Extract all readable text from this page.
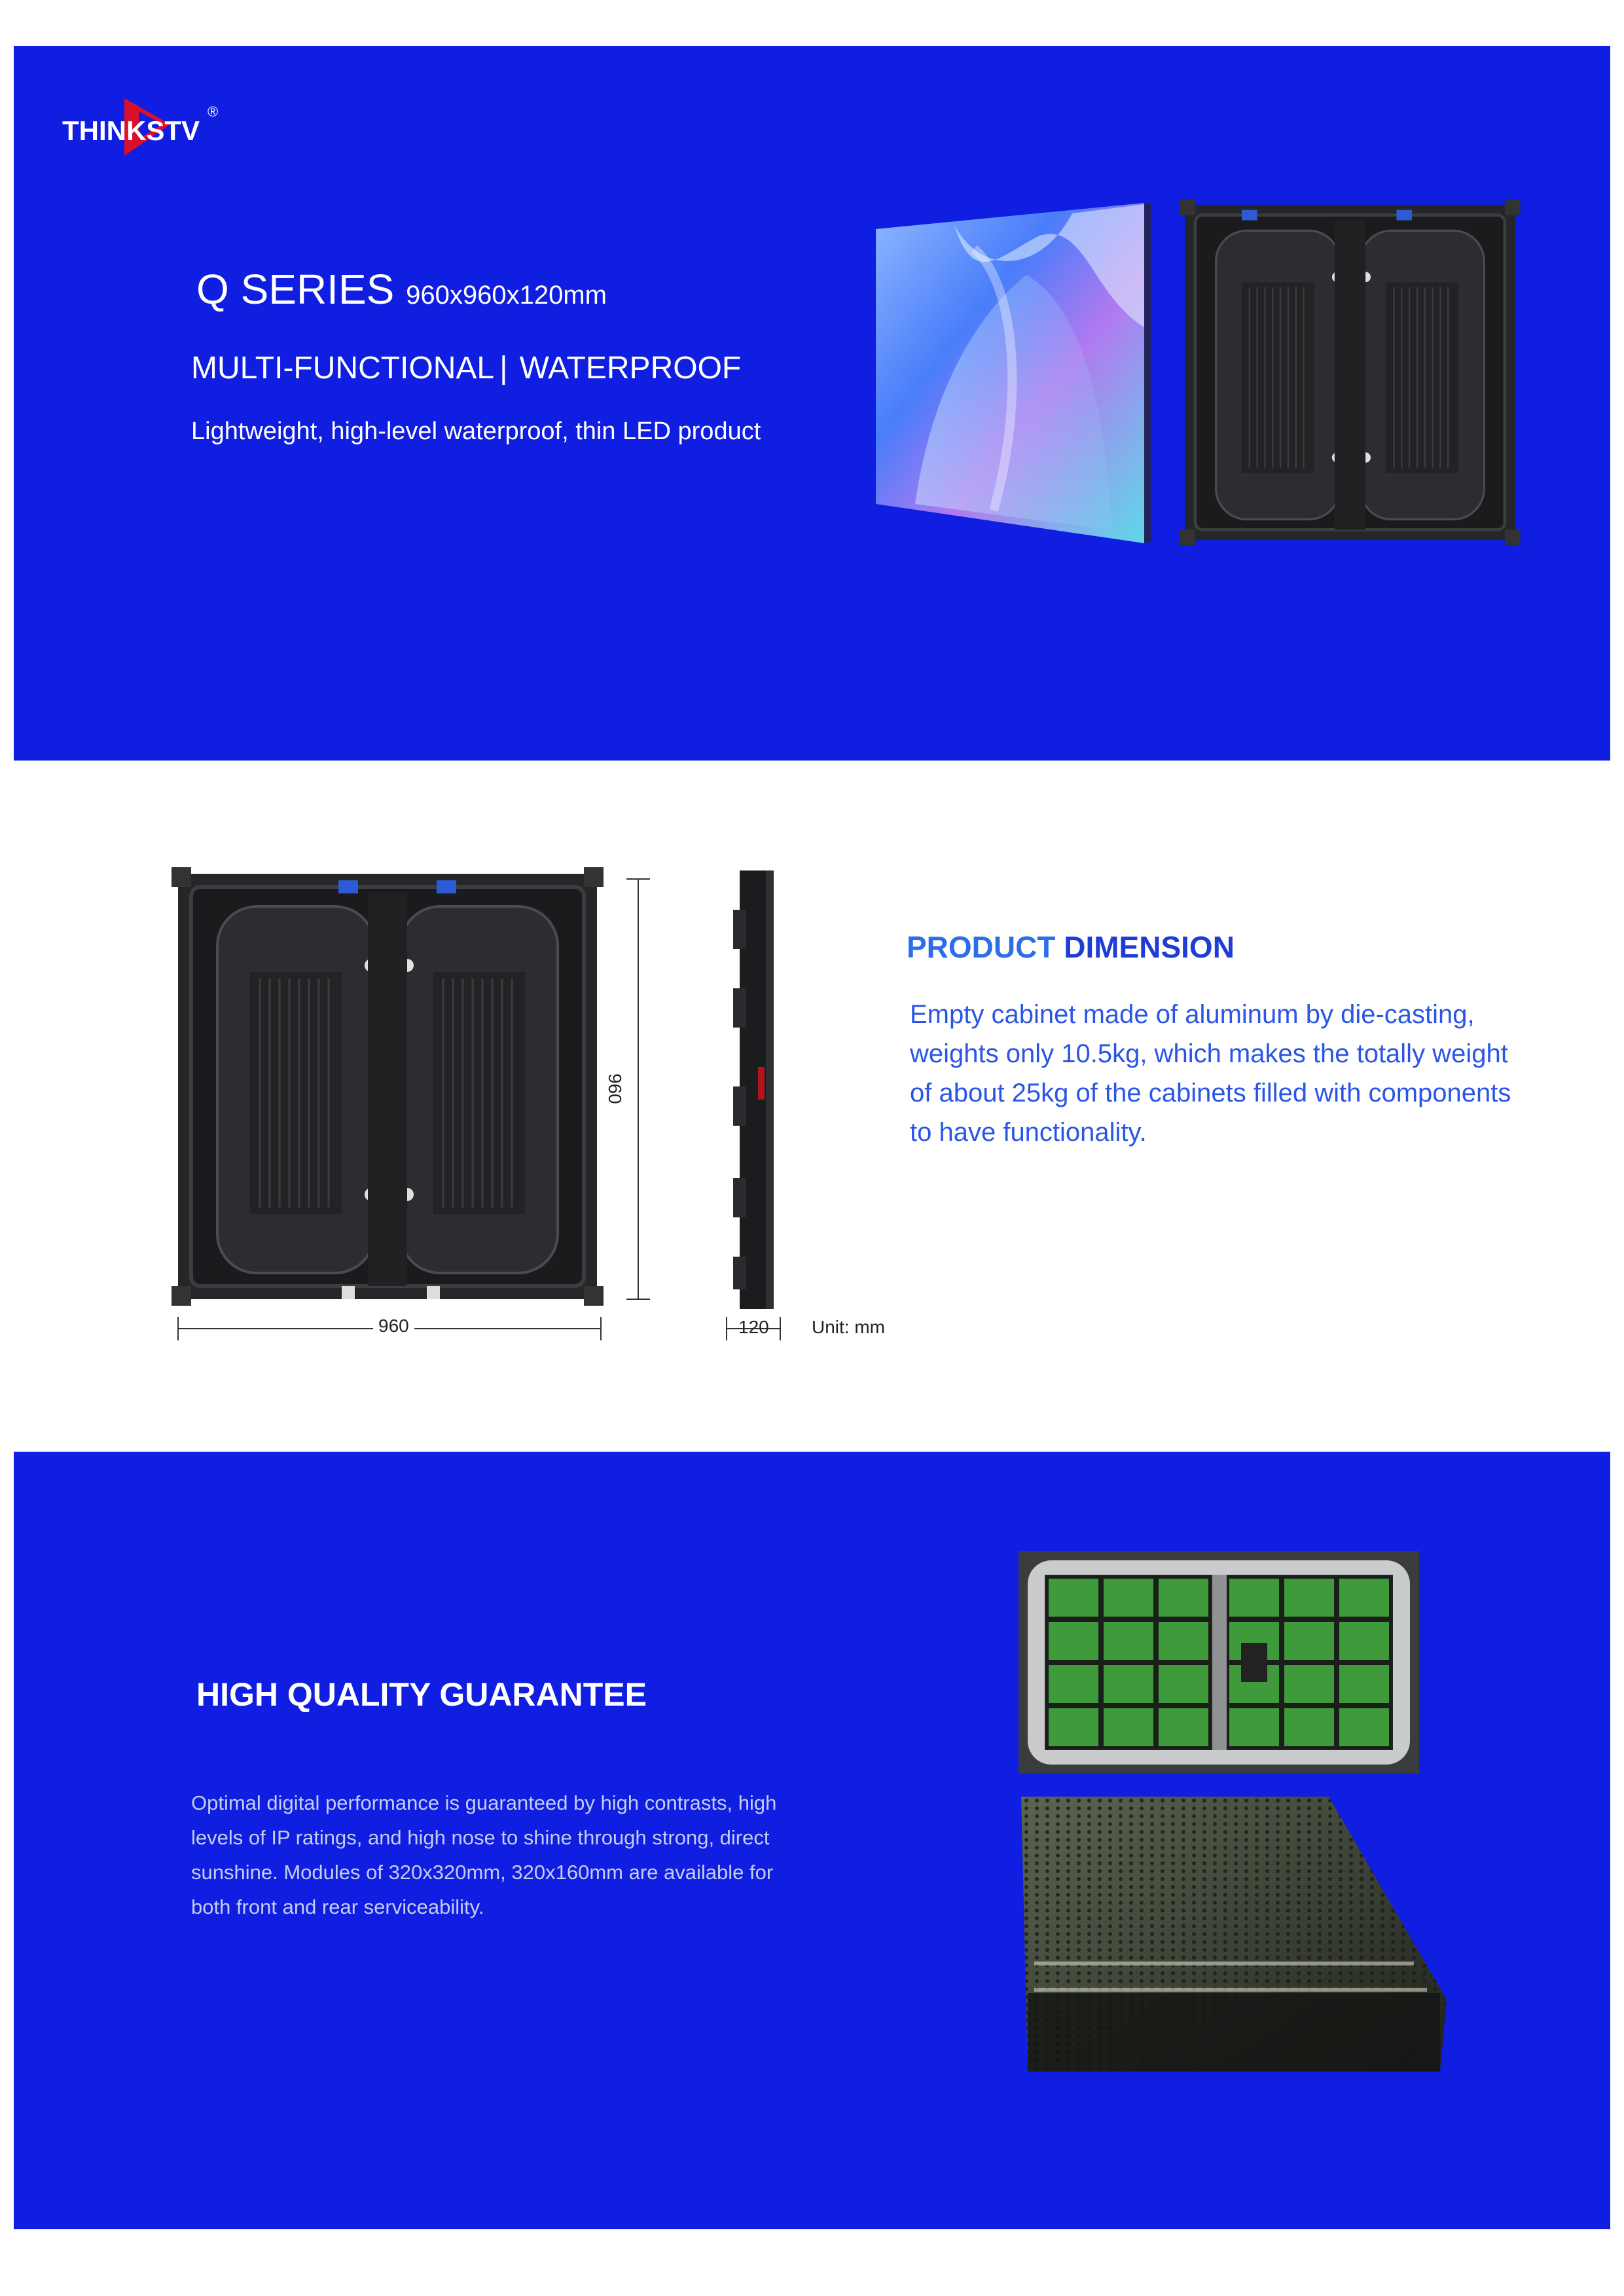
THINKSTV
®
Q SERIES 960x960x120mm
MULTI-FUNCTIONAL | WATERPROOF
Lightweight, high-level waterproof, thin LED product
960
960
120 Unit: mm
PRODUCT DIMENSION
Empty cabinet made of aluminum by die-casting, weights only 10.5kg, which makes the totally weight of about 25kg of the cabinets filled with components to have functionality.
HIGH QUALITY GUARANTEE
Optimal digital performance is guaranteed by high contrasts, high levels of IP ratings, and high nose to shine through strong, direct sunshine. Modules of 320x320mm, 320x160mm are available for both front and rear serviceability.
